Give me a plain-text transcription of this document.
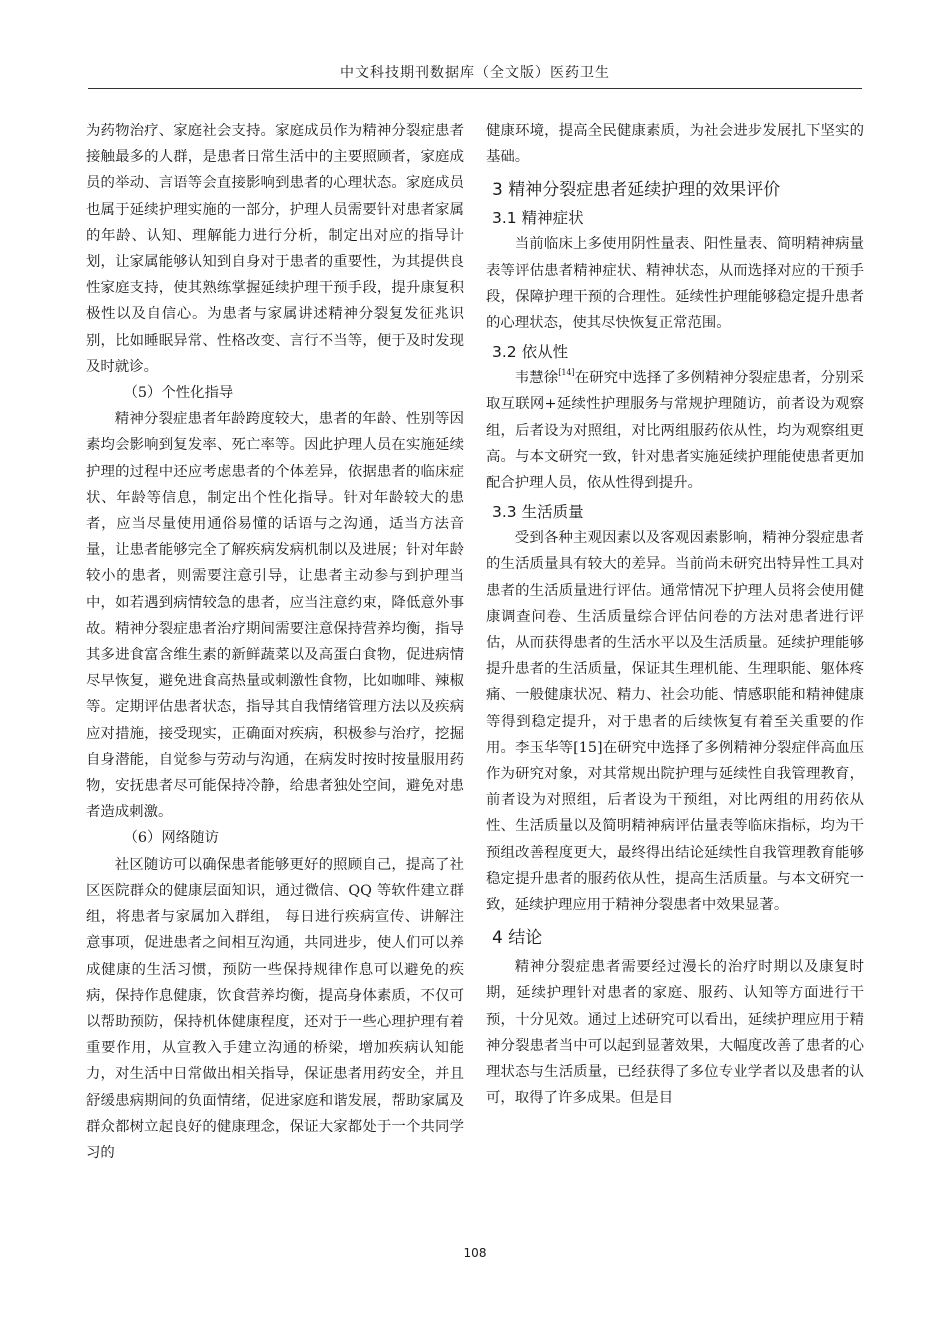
中文科技期刊数据库（全文版）医药卫生

为药物治疗、家庭社会支持。家庭成员作为精神分裂症患者接触最多的人群，是患者日常生活中的主要照顾者，家庭成员的举动、言语等会直接影响到患者的心理状态。家庭成员也属于延续护理实施的一部分，护理人员需要针对患者家属的年龄、认知、理解能力进行分析，制定出对应的指导计划，让家属能够认知到自身对于患者的重要性，为其提供良性家庭支持，使其熟练掌握延续护理干预手段，提升康复积极性以及自信心。为患者与家属讲述精神分裂复发征兆识别，比如睡眠异常、性格改变、言行不当等，便于及时发现及时就诊。

（5）个性化指导

精神分裂症患者年龄跨度较大，患者的年龄、性别等因素均会影响到复发率、死亡率等。因此护理人员在实施延续护理的过程中还应考虑患者的个体差异，依据患者的临床症状、年龄等信息，制定出个性化指导。针对年龄较大的患者，应当尽量使用通俗易懂的话语与之沟通，适当方法音量，让患者能够完全了解疾病发病机制以及进展；针对年龄较小的患者，则需要注意引导，让患者主动参与到护理当中，如若遇到病情较急的患者，应当注意约束，降低意外事故。精神分裂症患者治疗期间需要注意保持营养均衡，指导其多进食富含维生素的新鲜蔬菜以及高蛋白食物，促进病情尽早恢复，避免进食高热量或刺激性食物，比如咖啡、辣椒等。定期评估患者状态，指导其自我情绪管理方法以及疾病应对措施，接受现实，正确面对疾病，积极参与治疗，挖掘自身潜能，自觉参与劳动与沟通，在病发时按时按量服用药物，安抚患者尽可能保持冷静，给患者独处空间，避免对患者造成刺激。

（6）网络随访

社区随访可以确保患者能够更好的照顾自己，提高了社区医院群众的健康层面知识，通过微信、QQ 等软件建立群组，将患者与家属加入群组， 每日进行疾病宣传、讲解注意事项，促进患者之间相互沟通，共同进步，使人们可以养成健康的生活习惯，预防一些保持规律作息可以避免的疾病，保持作息健康，饮食营养均衡，提高身体素质，不仅可以帮助预防，保持机体健康程度，还对于一些心理护理有着重要作用，从宣教入手建立沟通的桥梁，增加疾病认知能力，对生活中日常做出相关指导，保证患者用药安全，并且舒缓患病期间的负面情绪，促进家庭和谐发展，帮助家属及群众都树立起良好的健康理念，保证大家都处于一个共同学习的

健康环境，提高全民健康素质，为社会进步发展扎下坚实的基础。

3 精神分裂症患者延续护理的效果评价
3.1 精神症状

当前临床上多使用阴性量表、阳性量表、简明精神病量表等评估患者精神症状、精神状态，从而选择对应的干预手段，保障护理干预的合理性。延续性护理能够稳定提升患者的心理状态，使其尽快恢复正常范围。

3.2 依从性

韦慧徐[14]在研究中选择了多例精神分裂症患者，分别采取互联网+延续性护理服务与常规护理随访，前者设为观察组，后者设为对照组，对比两组服药依从性，均为观察组更高。与本文研究一致，针对患者实施延续护理能使患者更加配合护理人员，依从性得到提升。

3.3 生活质量

受到各种主观因素以及客观因素影响，精神分裂症患者的生活质量具有较大的差异。当前尚未研究出特异性工具对患者的生活质量进行评估。通常情况下护理人员将会使用健康调查问卷、生活质量综合评估问卷的方法对患者进行评估，从而获得患者的生活水平以及生活质量。延续护理能够提升患者的生活质量，保证其生理机能、生理职能、躯体疼痛、一般健康状况、精力、社会功能、情感职能和精神健康等得到稳定提升，对于患者的后续恢复有着至关重要的作用。李玉华等[15]在研究中选择了多例精神分裂症伴高血压作为研究对象，对其常规出院护理与延续性自我管理教育，前者设为对照组，后者设为干预组，对比两组的用药依从性、生活质量以及简明精神病评估量表等临床指标，均为干预组改善程度更大，最终得出结论延续性自我管理教育能够稳定提升患者的服药依从性，提高生活质量。与本文研究一致，延续护理应用于精神分裂患者中效果显著。

4 结论

精神分裂症患者需要经过漫长的治疗时期以及康复时期，延续护理针对患者的家庭、服药、认知等方面进行干预，十分见效。通过上述研究可以看出，延续护理应用于精神分裂患者当中可以起到显著效果，大幅度改善了患者的心理状态与生活质量，已经获得了多位专业学者以及患者的认可，取得了许多成果。但是目

108
